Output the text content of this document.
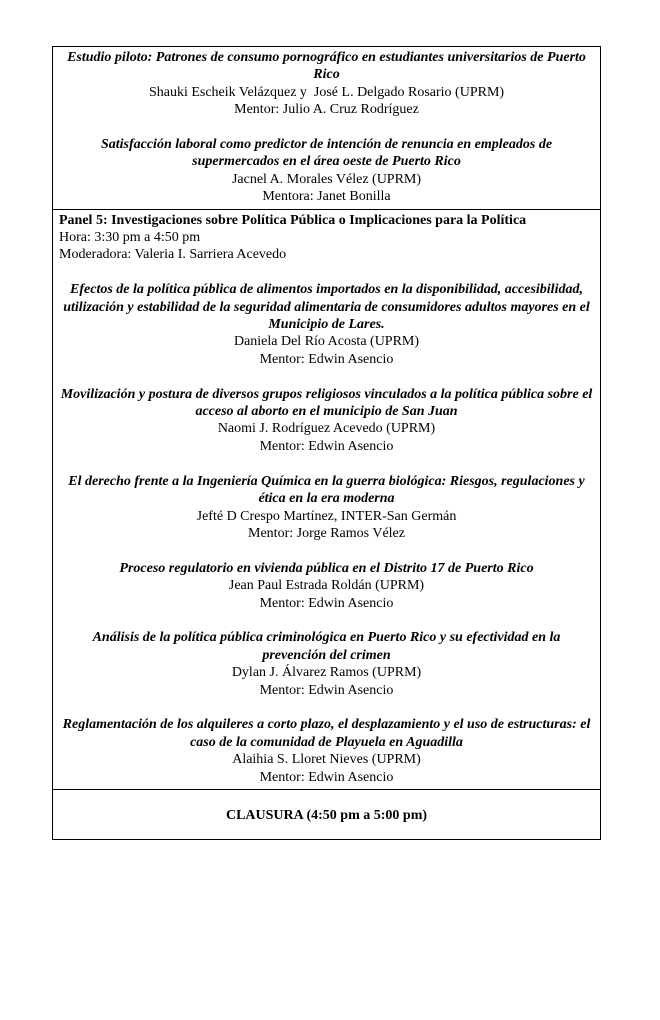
Estudio piloto: Patrones de consumo pornográfico en estudiantes universitarios de Puerto Rico
Shauki Escheik Velázquez y  José L. Delgado Rosario (UPRM)
Mentor: Julio A. Cruz Rodríguez
Satisfacción laboral como predictor de intención de renuncia en empleados de supermercados en el área oeste de Puerto Rico
Jacnel A. Morales Vélez (UPRM)
Mentora: Janet Bonilla
Panel 5: Investigaciones sobre Política Pública o Implicaciones para la Política
Hora: 3:30 pm a 4:50 pm
Moderadora: Valeria I. Sarriera Acevedo
Efectos de la política pública de alimentos importados en la disponibilidad, accesibilidad, utilización y estabilidad de la seguridad alimentaria de consumidores adultos mayores en el Municipio de Lares.
Daniela Del Río Acosta (UPRM)
Mentor: Edwin Asencio
Movilización y postura de diversos grupos religiosos vinculados a la política pública sobre el acceso al aborto en el municipio de San Juan
Naomi J. Rodríguez Acevedo (UPRM)
Mentor: Edwin Asencio
El derecho frente a la Ingeniería Química en la guerra biológica: Riesgos, regulaciones y ética en la era moderna
Jefté D Crespo Martínez, INTER-San Germán
Mentor: Jorge Ramos Vélez
Proceso regulatorio en vivienda pública en el Distrito 17 de Puerto Rico
Jean Paul Estrada Roldán (UPRM)
Mentor: Edwin Asencio
Análisis de la política pública criminológica en Puerto Rico y su efectividad en la prevención del crimen
Dylan J. Álvarez Ramos (UPRM)
Mentor: Edwin Asencio
Reglamentación de los alquileres a corto plazo, el desplazamiento y el uso de estructuras: el caso de la comunidad de Playuela en Aguadilla
Alaihia S. Lloret Nieves (UPRM)
Mentor: Edwin Asencio
CLAUSURA (4:50 pm a 5:00 pm)
